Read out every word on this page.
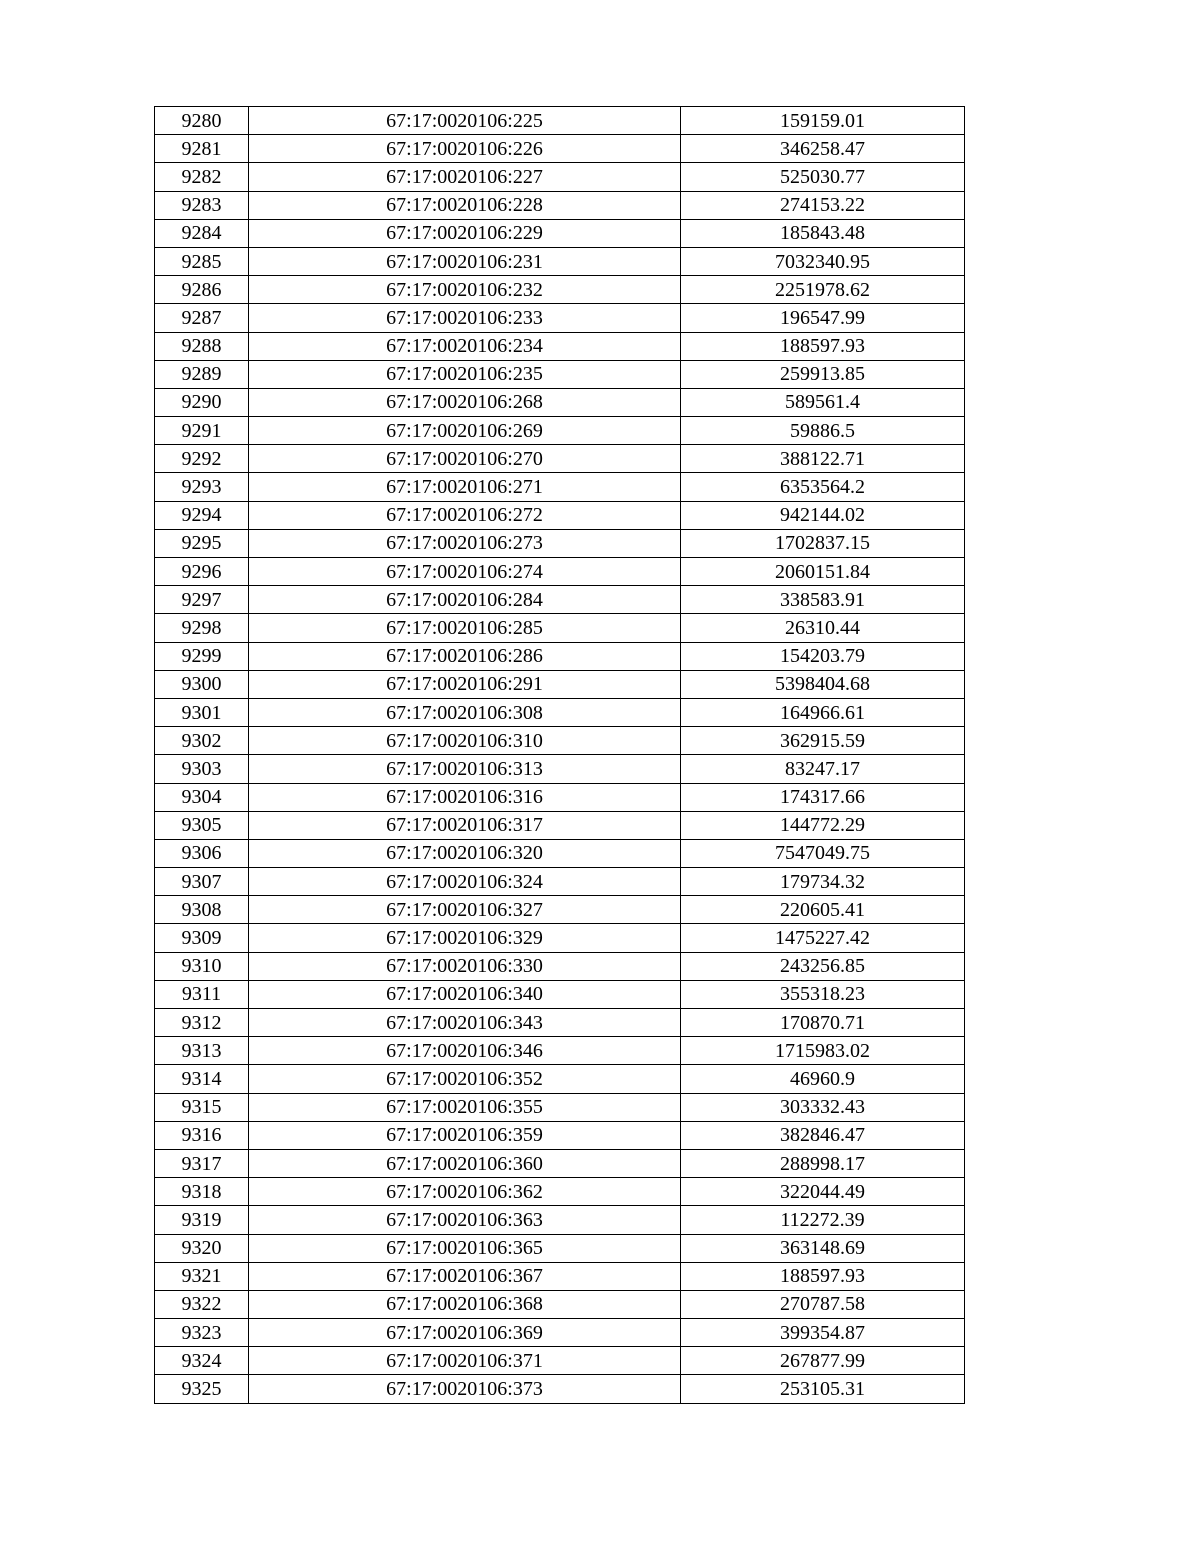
9280	67:17:0020106:225	159159.01
9281	67:17:0020106:226	346258.47
9282	67:17:0020106:227	525030.77
9283	67:17:0020106:228	274153.22
9284	67:17:0020106:229	185843.48
9285	67:17:0020106:231	7032340.95
9286	67:17:0020106:232	2251978.62
9287	67:17:0020106:233	196547.99
9288	67:17:0020106:234	188597.93
9289	67:17:0020106:235	259913.85
9290	67:17:0020106:268	589561.4
9291	67:17:0020106:269	59886.5
9292	67:17:0020106:270	388122.71
9293	67:17:0020106:271	6353564.2
9294	67:17:0020106:272	942144.02
9295	67:17:0020106:273	1702837.15
9296	67:17:0020106:274	2060151.84
9297	67:17:0020106:284	338583.91
9298	67:17:0020106:285	26310.44
9299	67:17:0020106:286	154203.79
9300	67:17:0020106:291	5398404.68
9301	67:17:0020106:308	164966.61
9302	67:17:0020106:310	362915.59
9303	67:17:0020106:313	83247.17
9304	67:17:0020106:316	174317.66
9305	67:17:0020106:317	144772.29
9306	67:17:0020106:320	7547049.75
9307	67:17:0020106:324	179734.32
9308	67:17:0020106:327	220605.41
9309	67:17:0020106:329	1475227.42
9310	67:17:0020106:330	243256.85
9311	67:17:0020106:340	355318.23
9312	67:17:0020106:343	170870.71
9313	67:17:0020106:346	1715983.02
9314	67:17:0020106:352	46960.9
9315	67:17:0020106:355	303332.43
9316	67:17:0020106:359	382846.47
9317	67:17:0020106:360	288998.17
9318	67:17:0020106:362	322044.49
9319	67:17:0020106:363	112272.39
9320	67:17:0020106:365	363148.69
9321	67:17:0020106:367	188597.93
9322	67:17:0020106:368	270787.58
9323	67:17:0020106:369	399354.87
9324	67:17:0020106:371	267877.99
9325	67:17:0020106:373	253105.31
